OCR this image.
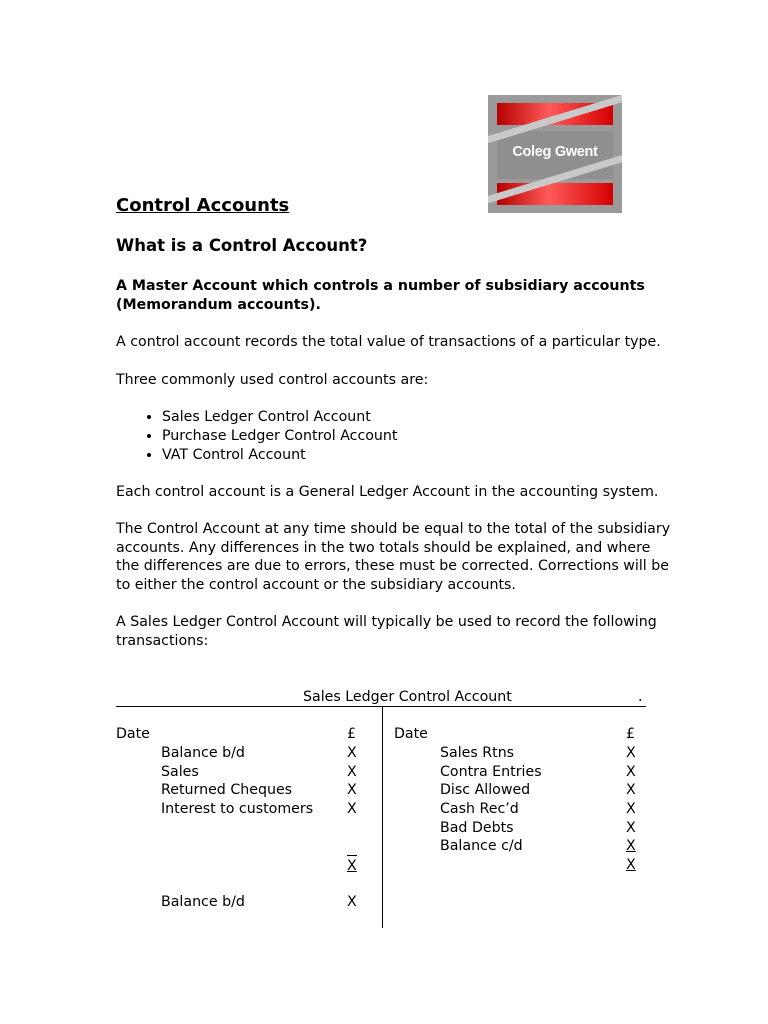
Coleg Gwent
Control Accounts
What is a Control Account?
A Master Account which controls a number of subsidiary accounts
(Memorandum accounts).
A control account records the total value of transactions of a particular type.
Three commonly used control accounts are:
• Sales Ledger Control Account
• Purchase Ledger Control Account
• VAT Control Account
Each control account is a General Ledger Account in the accounting system.
The Control Account at any time should be equal to the total of the subsidiary
accounts. Any differences in the two totals should be explained, and where
the differences are due to errors, these must be corrected. Corrections will be
to either the control account or the subsidiary accounts.
A Sales Ledger Control Account will typically be used to record the following
transactions:
Sales Ledger Control Account	.
Date	£
Balance b/d	X
Sales	X
Returned Cheques	X
Interest to customers X
X
Balance b/d	X
Date	£
Sales Rtns	X
Contra Entries	X
Disc Allowed	X
Cash Rec’d	X
Bad Debts	X
Balance c/d	X
X
